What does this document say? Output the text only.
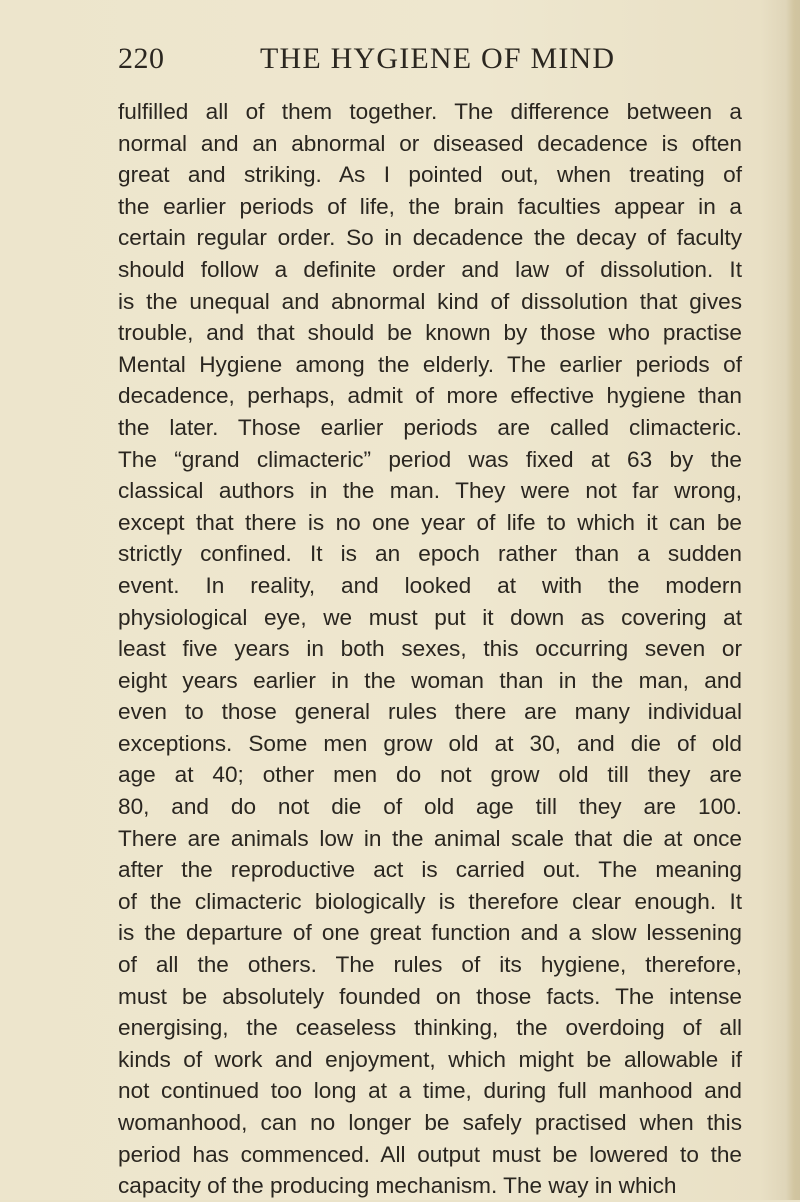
220	THE HYGIENE OF MIND
fulfilled all of them together. The difference between a
normal and an abnormal or diseased decadence is often
great and striking. As I pointed out, when treating of
the earlier periods of life, the brain faculties appear in a
certain regular order. So in decadence the decay of faculty
should follow a definite order and law of dissolution. It
is the unequal and abnormal kind of dissolution that gives
trouble, and that should be known by those who practise
Mental Hygiene among the elderly. The earlier periods of
decadence, perhaps, admit of more effective hygiene than
the later. Those earlier periods are called climacteric.
The “grand climacteric” period was fixed at 63 by the
classical authors in the man. They were not far wrong,
except that there is no one year of life to which it can be
strictly confined. It is an epoch rather than a sudden
event. In reality, and looked at with the modern
physiological eye, we must put it down as covering at
least five years in both sexes, this occurring seven or
eight years earlier in the woman than in the man, and
even to those general rules there are many individual
exceptions. Some men grow old at 30, and die of old
age at 40; other men do not grow old till they are
80, and do not die of old age till they are 100.
There are animals low in the animal scale that die at once
after the reproductive act is carried out. The meaning
of the climacteric biologically is therefore clear enough. It
is the departure of one great function and a slow lessening
of all the others. The rules of its hygiene, therefore,
must be absolutely founded on those facts. The intense
energising, the ceaseless thinking, the overdoing of all
kinds of work and enjoyment, which might be allowable if
not continued too long at a time, during full manhood and
womanhood, can no longer be safely practised when this
period has commenced. All output must be lowered to the
capacity of the producing mechanism. The way in which
